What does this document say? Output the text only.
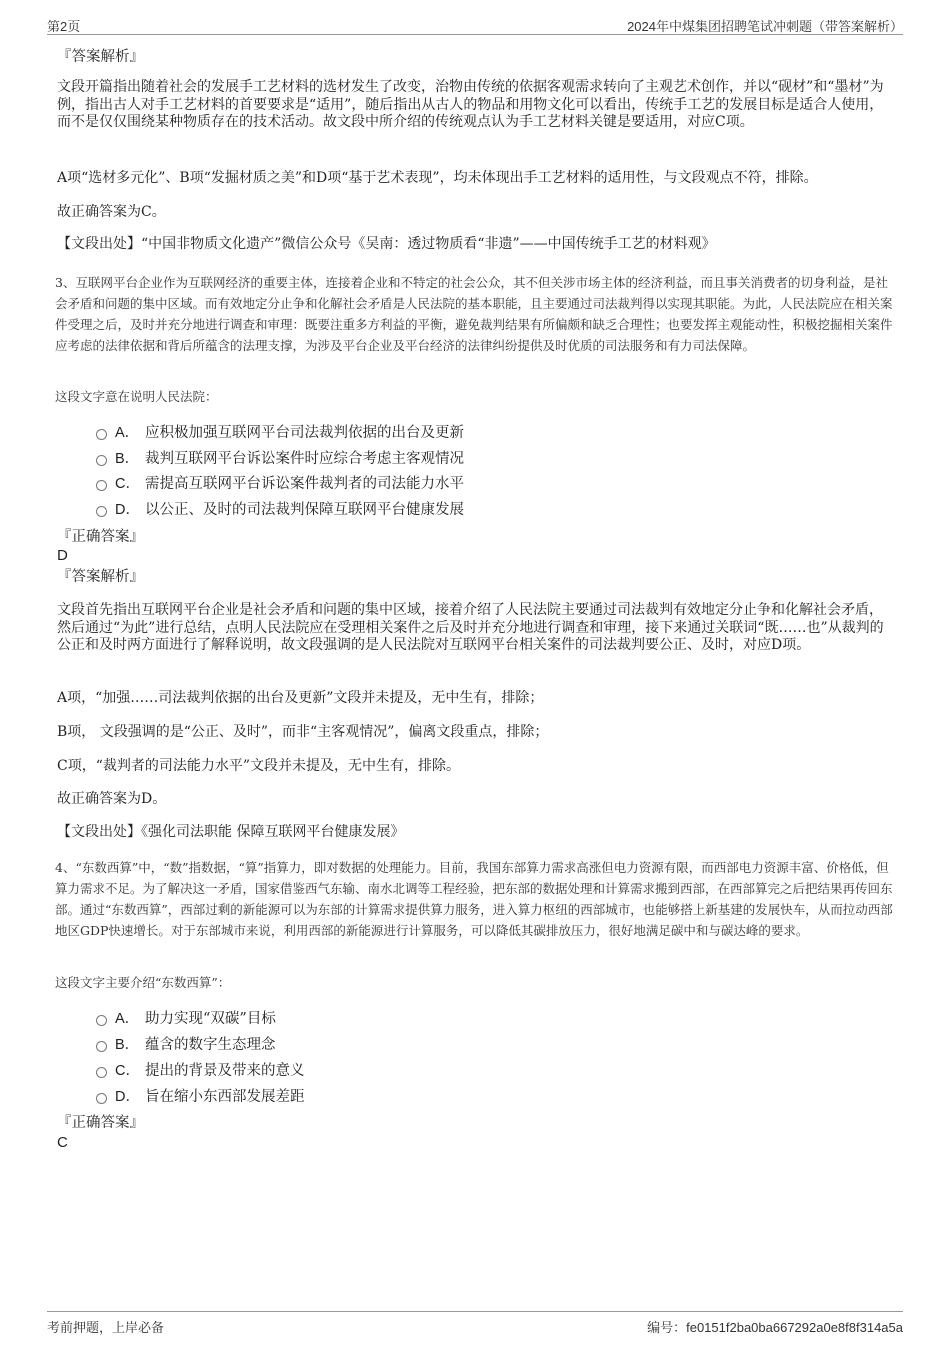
第2页	2024年中煤集团招聘笔试冲刺题（带答案解析）
『答案解析』
文段开篇指出随着社会的发展手工艺材料的选材发生了改变，治物由传统的依据客观需求转向了主观艺术创作，并以“砚材”和“墨材”为例，指出古人对手工艺材料的首要要求是“适用”，随后指出从古人的物品和用物文化可以看出，传统手工艺的发展目标是适合人使用，而不是仅仅围绕某种物质存在的技术活动。故文段中所介绍的传统观点认为手工艺材料关键是要适用，对应C项。
A项“选材多元化”、B项“发掘材质之美”和D项“基于艺术表现”，均未体现出手工艺材料的适用性，与文段观点不符，排除。
故正确答案为C。
【文段出处】“中国非物质文化遗产”微信公众号《吴南：透过物质看“非遗”——中国传统手工艺的材料观》
3、互联网平台企业作为互联网经济的重要主体，连接着企业和不特定的社会公众，其不但关涉市场主体的经济利益，而且事关消费者的切身利益，是社会矛盾和问题的集中区域。而有效地定分止争和化解社会矛盾是人民法院的基本职能，且主要通过司法裁判得以实现其职能。为此，人民法院应在相关案件受理之后，及时并充分地进行调查和审理：既要注重多方利益的平衡，避免裁判结果有所偏颇和缺乏合理性；也要发挥主观能动性，积极挖掘相关案件应考虑的法律依据和背后所蕴含的法理支撑，为涉及平台企业及平台经济的法律纠纷提供及时优质的司法服务和有力司法保障。
这段文字意在说明人民法院：
A． 应积极加强互联网平台司法裁判依据的出台及更新
B． 裁判互联网平台诉讼案件时应综合考虑主客观情况
C． 需提高互联网平台诉讼案件裁判者的司法能力水平
D． 以公正、及时的司法裁判保障互联网平台健康发展
『正确答案』
D
『答案解析』
文段首先指出互联网平台企业是社会矛盾和问题的集中区域，接着介绍了人民法院主要通过司法裁判有效地定分止争和化解社会矛盾，然后通过“为此”进行总结，点明人民法院应在受理相关案件之后及时并充分地进行调查和审理，接下来通过关联词“既……也”从裁判的公正和及时两方面进行了解释说明，故文段强调的是人民法院对互联网平台相关案件的司法裁判要公正、及时，对应D项。
A项，“加强……司法裁判依据的出台及更新”文段并未提及，无中生有，排除；
B项， 文段强调的是“公正、及时”，而非“主客观情况”，偏离文段重点，排除；
C项，“裁判者的司法能力水平”文段并未提及，无中生有，排除。
故正确答案为D。
【文段出处】《强化司法职能 保障互联网平台健康发展》
4、“东数西算”中，“数”指数据，“算”指算力，即对数据的处理能力。目前，我国东部算力需求高涨但电力资源有限，而西部电力资源丰富、价格低，但算力需求不足。为了解决这一矛盾，国家借鉴西气东输、南水北调等工程经验，把东部的数据处理和计算需求搬到西部，在西部算完之后把结果再传回东部。通过“东数西算”，西部过剩的新能源可以为东部的计算需求提供算力服务，进入算力枢纽的西部城市，也能够搭上新基建的发展快车，从而拉动西部地区GDP快速增长。对于东部城市来说，利用西部的新能源进行计算服务，可以降低其碳排放压力，很好地满足碳中和与碳达峰的要求。
这段文字主要介绍“东数西算”：
A． 助力实现“双碳”目标
B． 蕴含的数字生态理念
C． 提出的背景及带来的意义
D． 旨在缩小东西部发展差距
『正确答案』
C
考前押题，上岸必备	编号：fe0151f2ba0ba667292a0e8f8f314a5a
